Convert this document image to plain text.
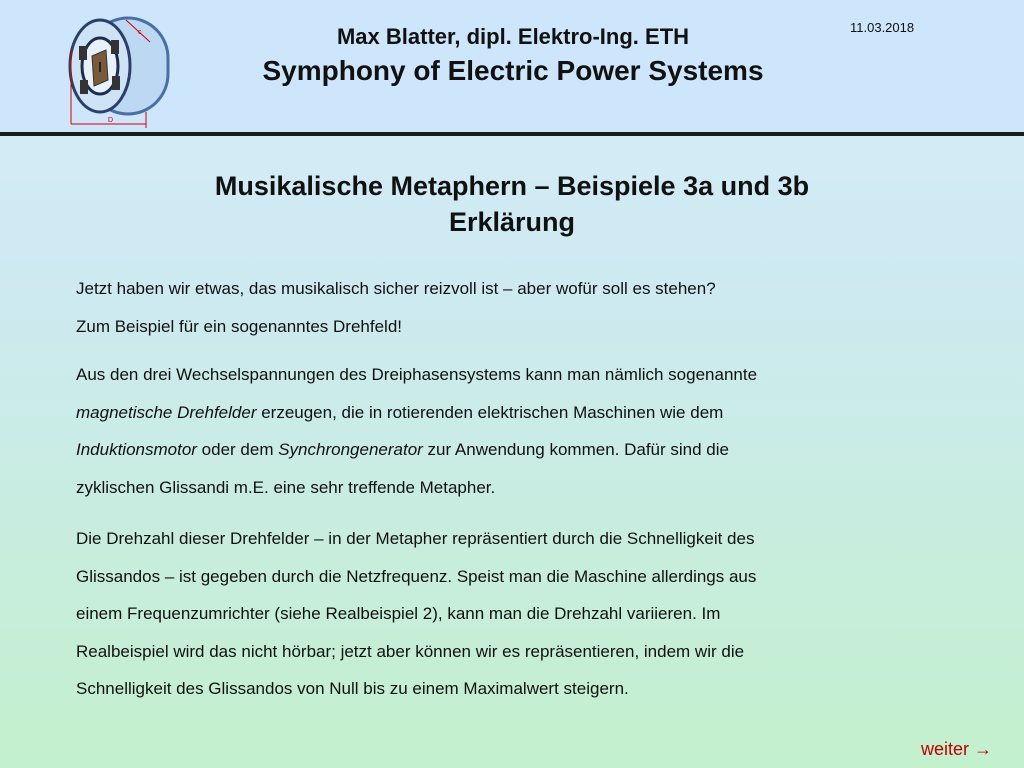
c
D
Max Blatter, dipl. Elektro-Ing. ETH
Symphony of Electric Power Systems
11.03.2018
Musikalische Metaphern – Beispiele 3a und 3b
Erklärung

Jetzt haben wir etwas, das musikalisch sicher reizvoll ist – aber wofür soll es stehen?

Zum Beispiel für ein sogenanntes Drehfeld!

Aus den drei Wechselspannungen des Dreiphasensystems kann man nämlich sogenannte

magnetische Drehfelder erzeugen, die in rotierenden elektrischen Maschinen wie dem

Induktionsmotor oder dem Synchrongenerator zur Anwendung kommen. Dafür sind die

zyklischen Glissandi m.E. eine sehr treffende Metapher.

Die Drehzahl dieser Drehfelder – in der Metapher repräsentiert durch die Schnelligkeit des

Glissandos – ist gegeben durch die Netzfrequenz. Speist man die Maschine allerdings aus

einem Frequenzumrichter (siehe Realbeispiel 2), kann man die Drehzahl variieren. Im

Realbeispiel wird das nicht hörbar; jetzt aber können wir es repräsentieren, indem wir die

Schnelligkeit des Glissandos von Null bis zu einem Maximalwert steigern.

weiter →
